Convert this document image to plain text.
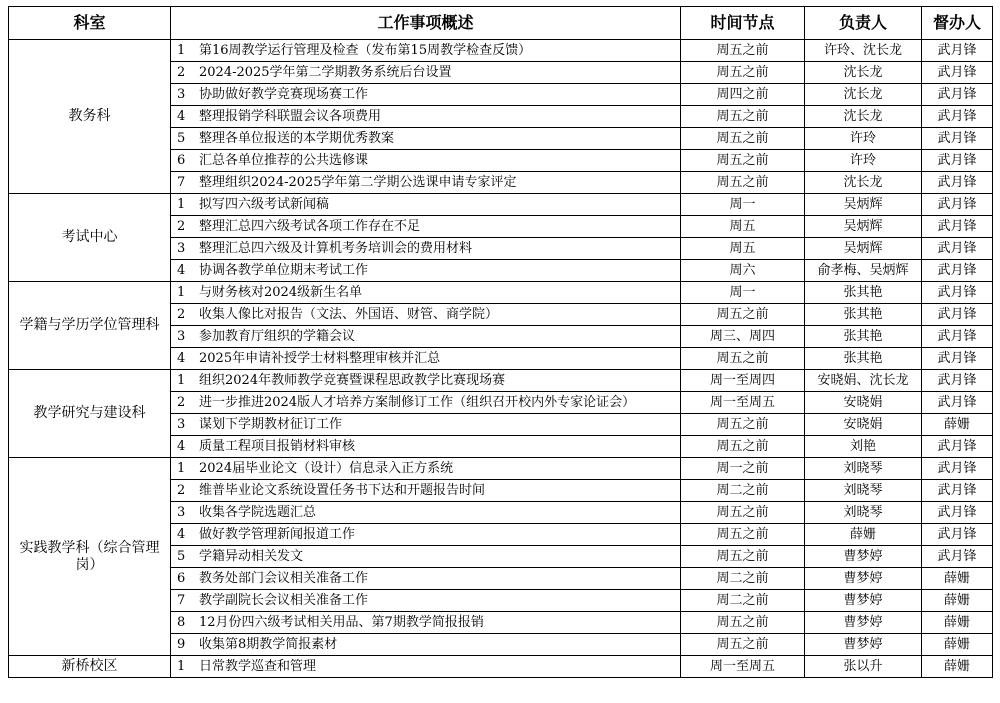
科室	工作事项概述	时间节点	负责人	督办人
教务科	1 第16周教学运行管理及检查（发布第15周教学检查反馈）	周五之前	许玲、沈长龙	武月锋
	2 2024-2025学年第二学期教务系统后台设置	周五之前	沈长龙	武月锋
	3 协助做好教学竞赛现场赛工作	周四之前	沈长龙	武月锋
	4 整理报销学科联盟会议各项费用	周五之前	沈长龙	武月锋
	5 整理各单位报送的本学期优秀教案	周五之前	许玲	武月锋
	6 汇总各单位推荐的公共选修课	周五之前	许玲	武月锋
	7 整理组织2024-2025学年第二学期公选课申请专家评定	周五之前	沈长龙	武月锋
考试中心	1 拟写四六级考试新闻稿	周一	吴炳辉	武月锋
	2 整理汇总四六级考试各项工作存在不足	周五	吴炳辉	武月锋
	3 整理汇总四六级及计算机考务培训会的费用材料	周五	吴炳辉	武月锋
	4 协调各教学单位期末考试工作	周六	俞孝梅、吴炳辉	武月锋
学籍与学历学位管理科	1 与财务核对2024级新生名单	周一	张其艳	武月锋
	2 收集人像比对报告（文法、外国语、财管、商学院）	周五之前	张其艳	武月锋
	3 参加教育厅组织的学籍会议	周三、周四	张其艳	武月锋
	4 2025年申请补授学士材料整理审核并汇总	周五之前	张其艳	武月锋
教学研究与建设科	1 组织2024年教师教学竞赛暨课程思政教学比赛现场赛	周一至周四	安晓娟、沈长龙	武月锋
	2 进一步推进2024版人才培养方案制修订工作（组织召开校内外专家论证会）	周一至周五	安晓娟	武月锋
	3 谋划下学期教材征订工作	周五之前	安晓娟	薛姗
	4 质量工程项目报销材料审核	周五之前	刘艳	武月锋
实践教学科（综合管理岗）	1 2024届毕业论文（设计）信息录入正方系统	周一之前	刘晓琴	武月锋
	2 维普毕业论文系统设置任务书下达和开题报告时间	周二之前	刘晓琴	武月锋
	3 收集各学院选题汇总	周五之前	刘晓琴	武月锋
	4 做好教学管理新闻报道工作	周五之前	薛姗	武月锋
	5 学籍异动相关发文	周五之前	曹梦婷	武月锋
	6 教务处部门会议相关准备工作	周二之前	曹梦婷	薛姗
	7 教学副院长会议相关准备工作	周二之前	曹梦婷	薛姗
	8 12月份四六级考试相关用品、第7期教学简报报销	周五之前	曹梦婷	薛姗
	9 收集第8期教学简报素材	周五之前	曹梦婷	薛姗
新桥校区	1 日常教学巡查和管理	周一至周五	张以升	薛姗
